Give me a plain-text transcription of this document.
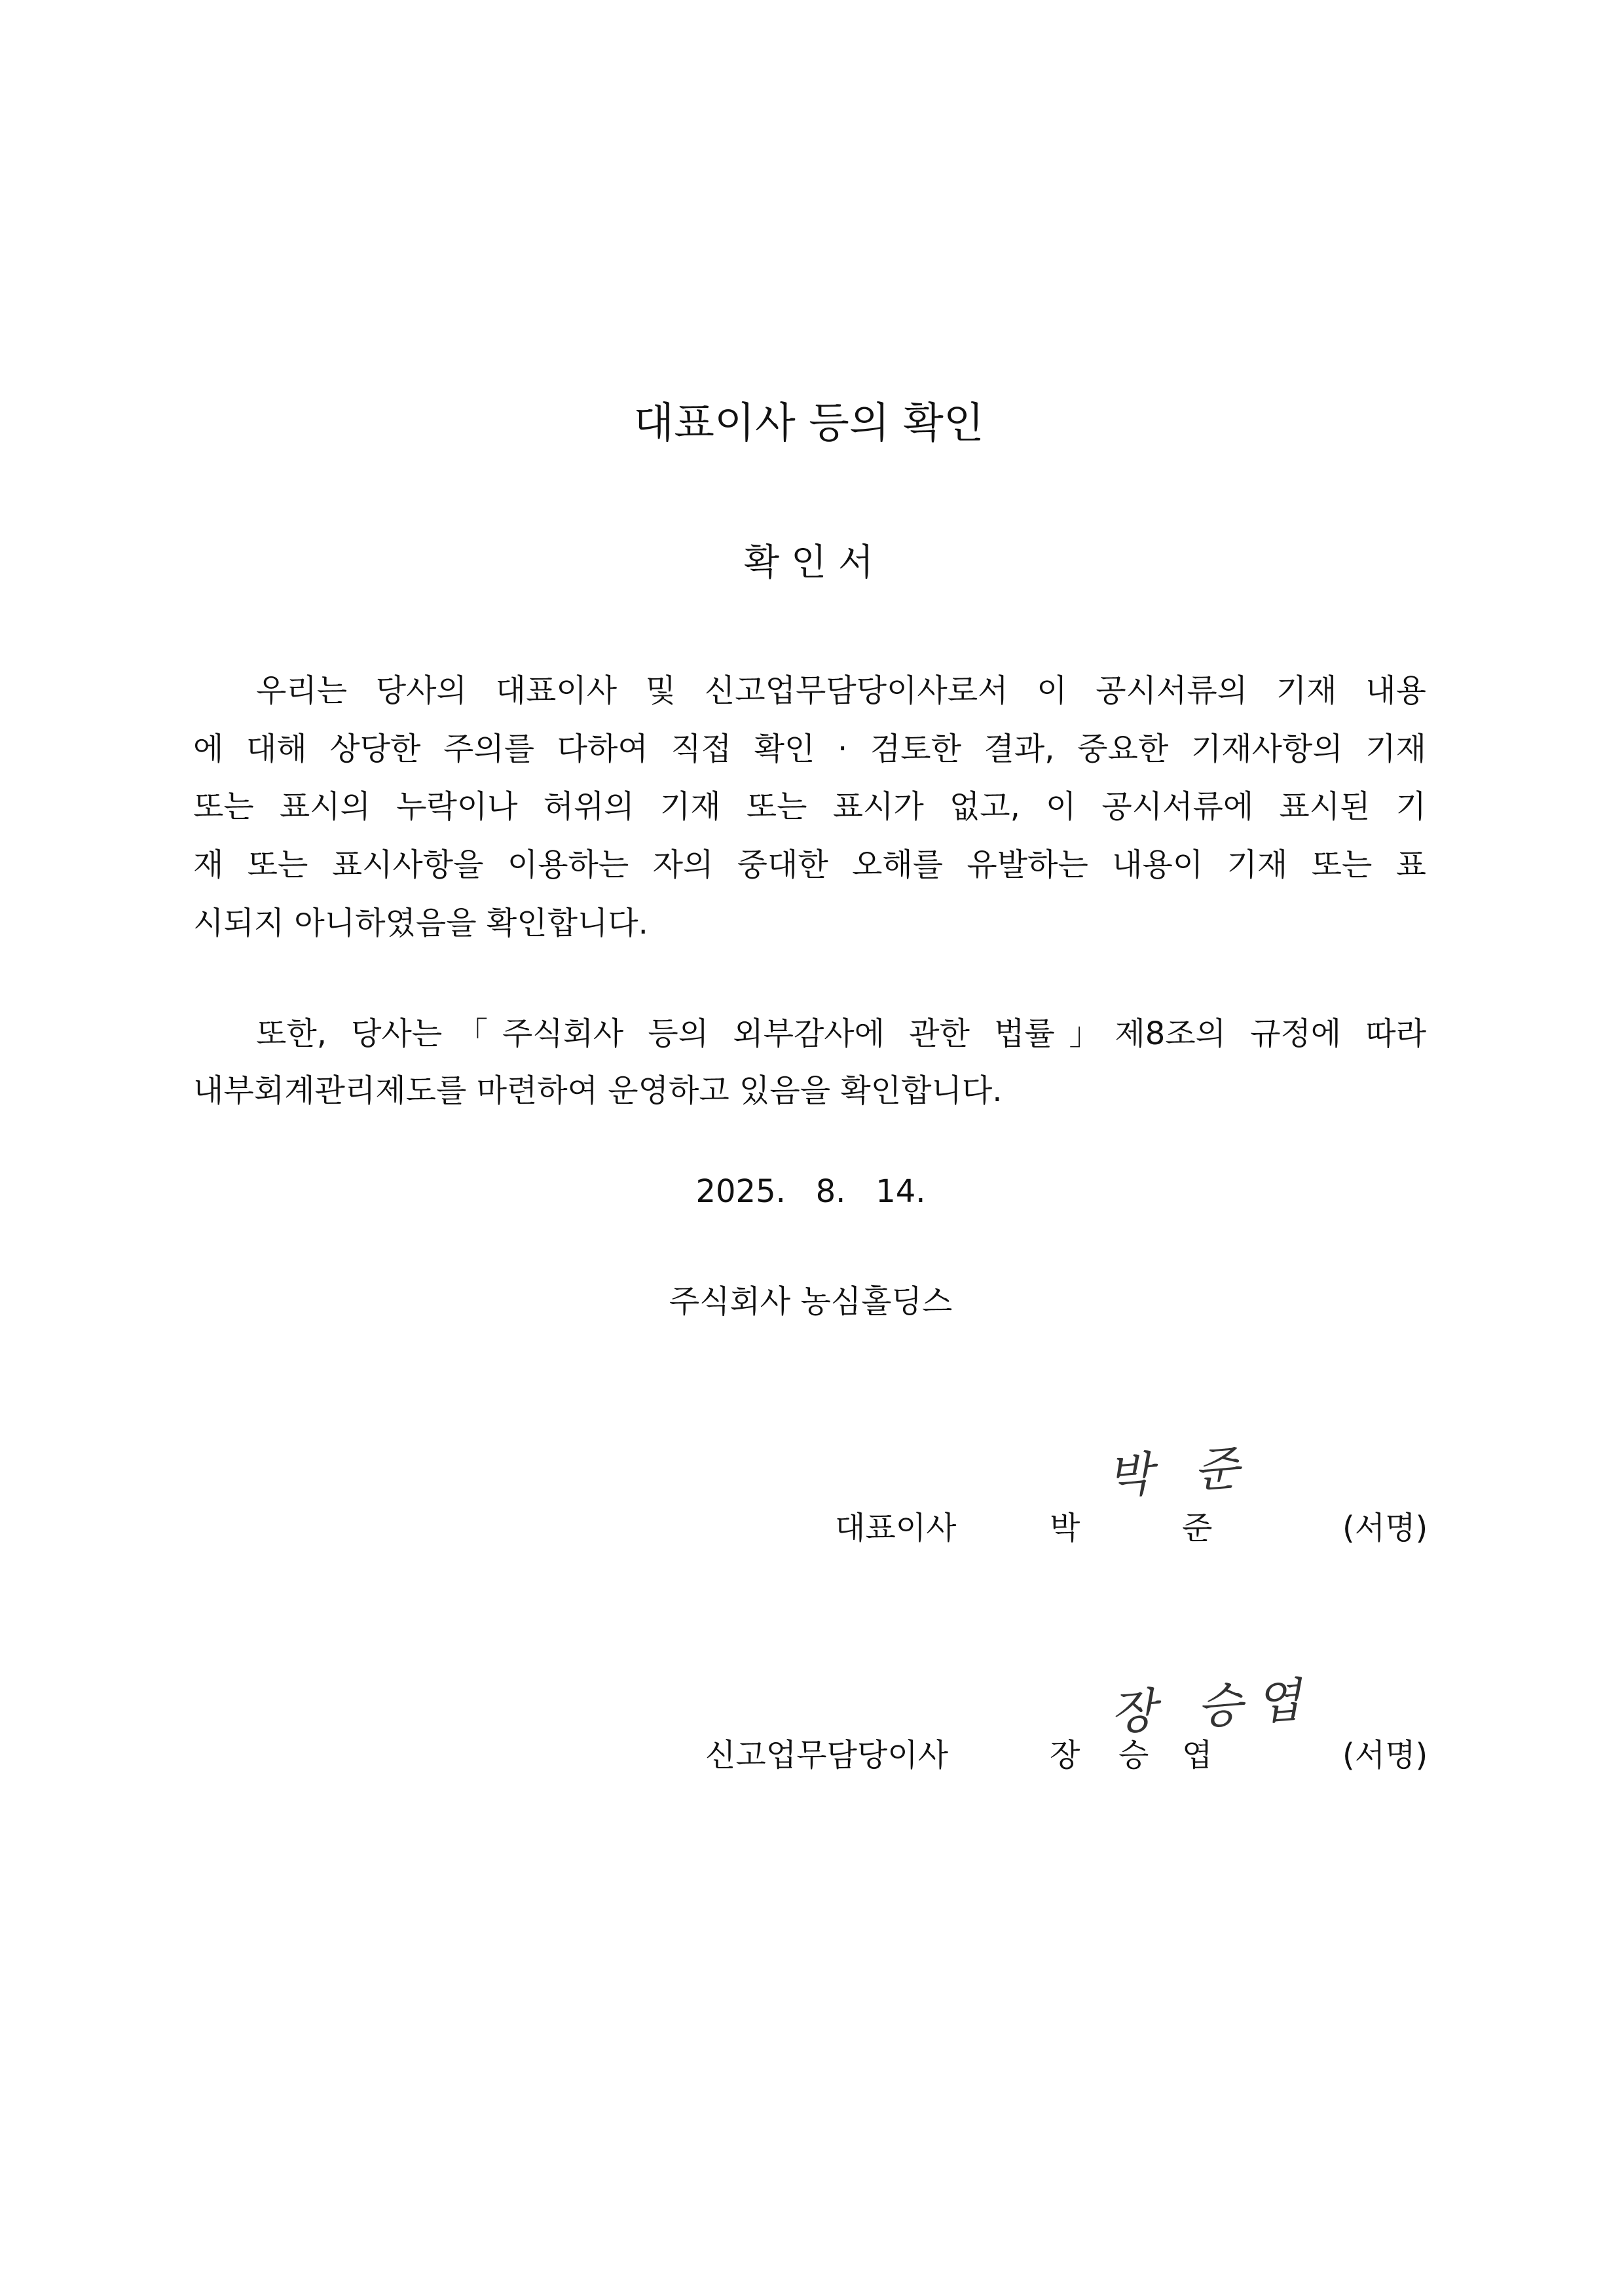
대표이사 등의 확인
확 인 서
우리는 당사의 대표이사 및 신고업무담당이사로서 이 공시서류의 기재 내용
에 대해 상당한 주의를 다하여 직접 확인 · 검토한 결과, 중요한 기재사항의 기재
또는 표시의 누락이나 허위의 기재 또는 표시가 없고, 이 공시서류에 표시된 기
재 또는 표시사항을 이용하는 자의 중대한 오해를 유발하는 내용이 기재 또는 표
시되지 아니하였음을 확인합니다.
또한, 당사는「주식회사 등의 외부감사에 관한 법률」제8조의 규정에 따라
내부회계관리제도를 마련하여 운영하고 있음을 확인합니다.
2025.   8.   14.
주식회사 농심홀딩스
박 준
대표이사	박	준	(서명)
장 승엽
신고업무담당이사	장 승 엽	(서명)
